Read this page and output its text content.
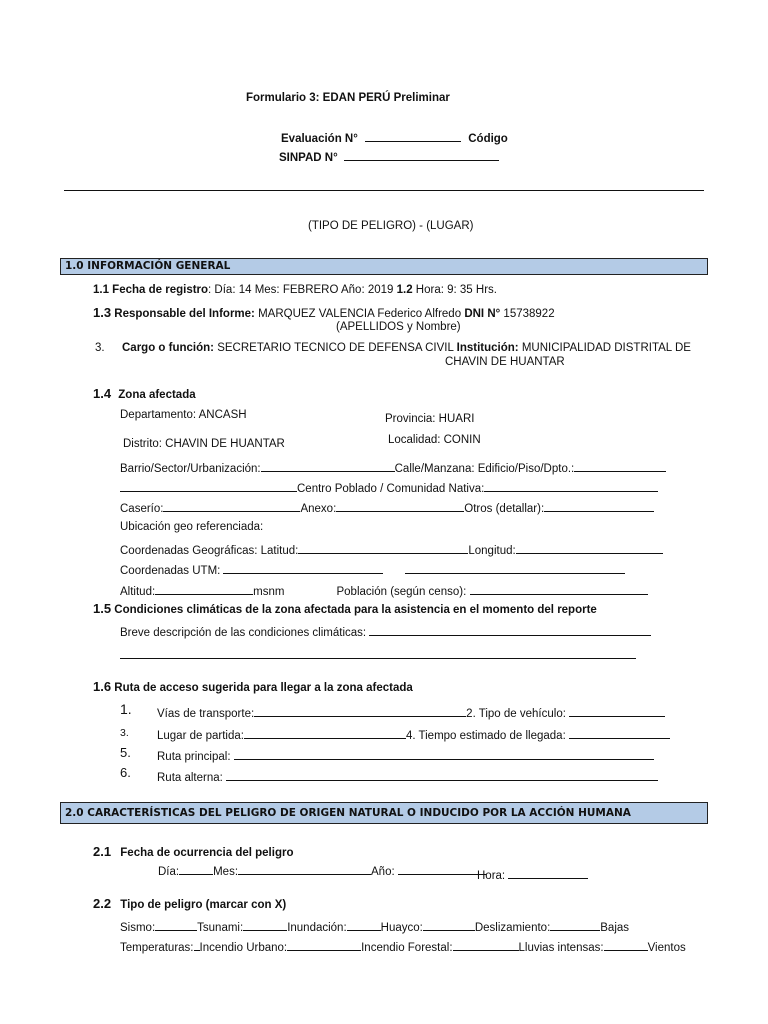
Formulario 3: EDAN PERÚ Preliminar
Evaluación N°	Código
SINPAD N°
(TIPO DE PELIGRO) - (LUGAR)
1.0 INFORMACIÓN GENERAL
1.1 Fecha de registro: Día: 14 Mes: FEBRERO Año: 2019 1.2 Hora: 9: 35 Hrs.
1.3 Responsable del Informe: MARQUEZ VALENCIA Federico Alfredo DNI N° 15738922
(APELLIDOS y Nombre)
3. Cargo o función: SECRETARIO TECNICO DE DEFENSA CIVIL Institución: MUNICIPALIDAD DISTRITAL DE
CHAVIN DE HUANTAR
1.4 Zona afectada
Departamento: ANCASH	Provincia: HUARI
Distrito: CHAVIN DE HUANTAR	Localidad: CONIN
Barrio/Sector/Urbanización:	Calle/Manzana: Edificio/Piso/Dpto.:
Centro Poblado / Comunidad Nativa:
Caserío:	Anexo:	Otros (detallar):
Ubicación geo referenciada:
Coordenadas Geográficas: Latitud:	Longitud:
Coordenadas UTM:
Altitud:	msnm	Población (según censo):
1.5 Condiciones climáticas de la zona afectada para la asistencia en el momento del reporte
Breve descripción de las condiciones climáticas:
1.6 Ruta de acceso sugerida para llegar a la zona afectada
1. Vías de transporte:	2. Tipo de vehículo:
3. Lugar de partida:	4. Tiempo estimado de llegada:
5. Ruta principal:
6. Ruta alterna:
2.0 CARACTERÍSTICAS DEL PELIGRO DE ORIGEN NATURAL O INDUCIDO POR LA ACCIÓN HUMANA
2.1 Fecha de ocurrencia del peligro
Día:	Mes:	Año:	Hora:
2.2 Tipo de peligro (marcar con X)
Sismo:	Tsunami:	Inundación:	Huayco:	Deslizamiento:	Bajas
Temperaturas: Incendio Urbano:	Incendio Forestal:	Lluvias intensas:	Vientos
